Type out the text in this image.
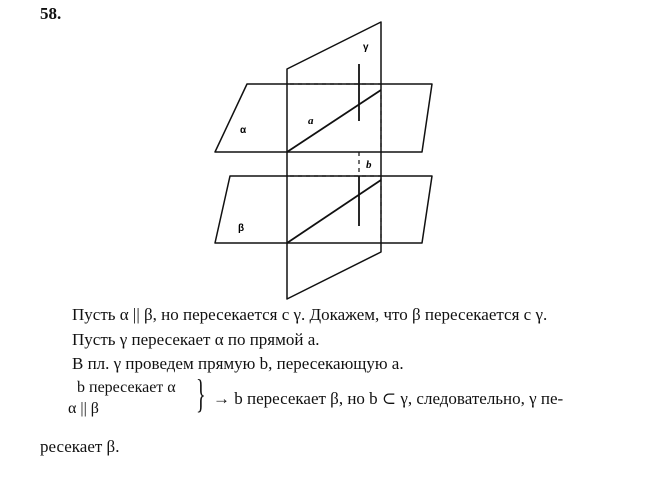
58.
γ
α
β
a
b
Пусть α || β, но пересекается с γ. Докажем, что β пересекается с γ.
Пусть γ пересекает α по прямой a.
В пл. γ проведем прямую b, пересекающую a.
b пересекает α
α || β } → b пересекает β, но b ⊂ γ, следовательно, γ пе-
ресекает β.
